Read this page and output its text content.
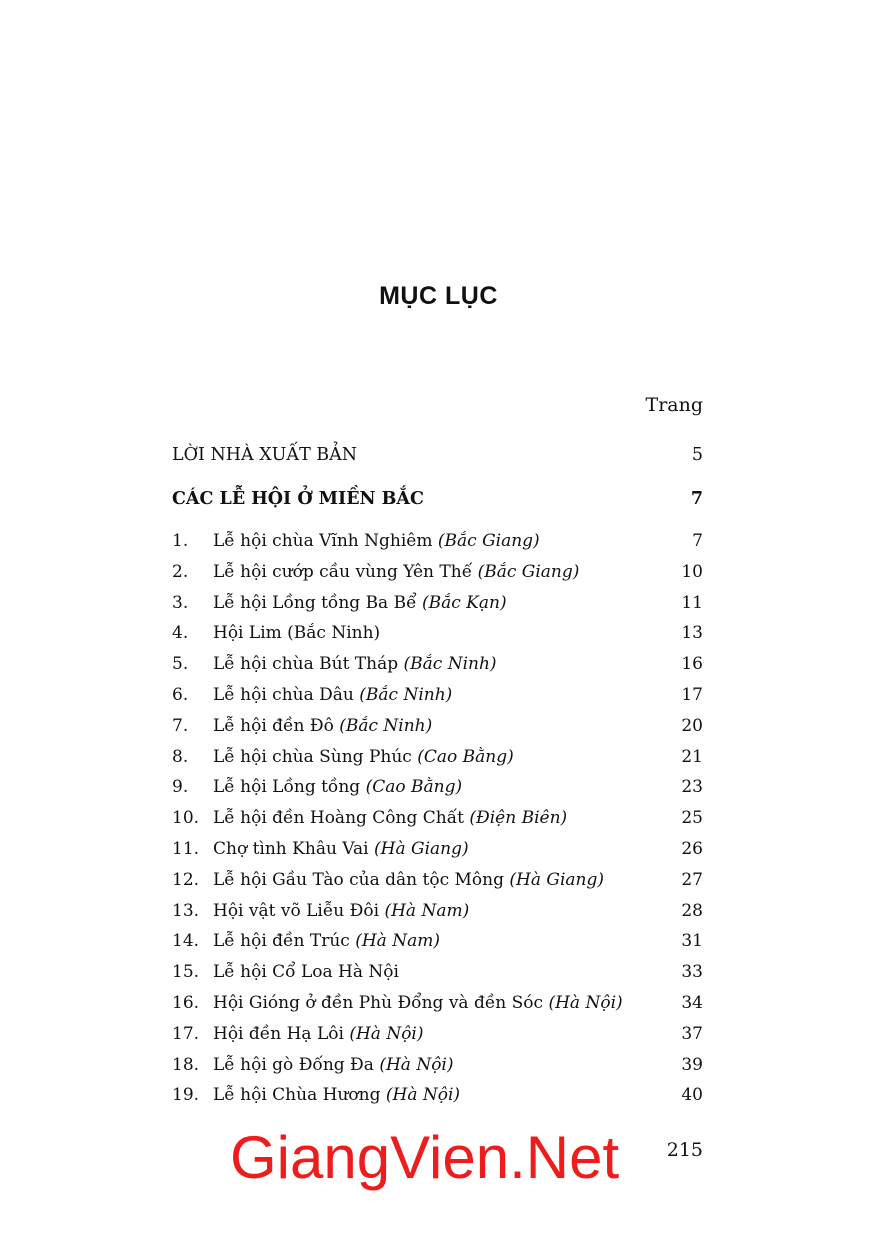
MỤC LỤC
Trang
LỜI NHÀ XUẤT BẢN	5
CÁC LỄ HỘI Ở MIỀN BẮC	7
1.	Lễ hội chùa Vĩnh Nghiêm (Bắc Giang)	7
2.	Lễ hội cướp cầu vùng Yên Thế (Bắc Giang)	10
3.	Lễ hội Lồng tồng Ba Bể (Bắc Kạn)	11
4.	Hội Lim (Bắc Ninh)	13
5.	Lễ hội chùa Bút Tháp (Bắc Ninh)	16
6.	Lễ hội chùa Dâu (Bắc Ninh)	17
7.	Lễ hội đền Đô (Bắc Ninh)	20
8.	Lễ hội chùa Sùng Phúc (Cao Bằng)	21
9.	Lễ hội Lồng tồng (Cao Bằng)	23
10. Lễ hội đền Hoàng Công Chất (Điện Biên)	25
11. Chợ tình Khâu Vai (Hà Giang)	26
12. Lễ hội Gầu Tào của dân tộc Mông (Hà Giang)	27
13. Hội vật võ Liễu Đôi (Hà Nam)	28
14. Lễ hội đền Trúc (Hà Nam)	31
15. Lễ hội Cổ Loa Hà Nội	33
16. Hội Gióng ở đền Phù Đổng và đền Sóc (Hà Nội)	34
17. Hội đền Hạ Lôi (Hà Nội)	37
18. Lễ hội gò Đống Đa (Hà Nội)	39
19. Lễ hội Chùa Hương (Hà Nội)	40
215
GiangVien.Net
